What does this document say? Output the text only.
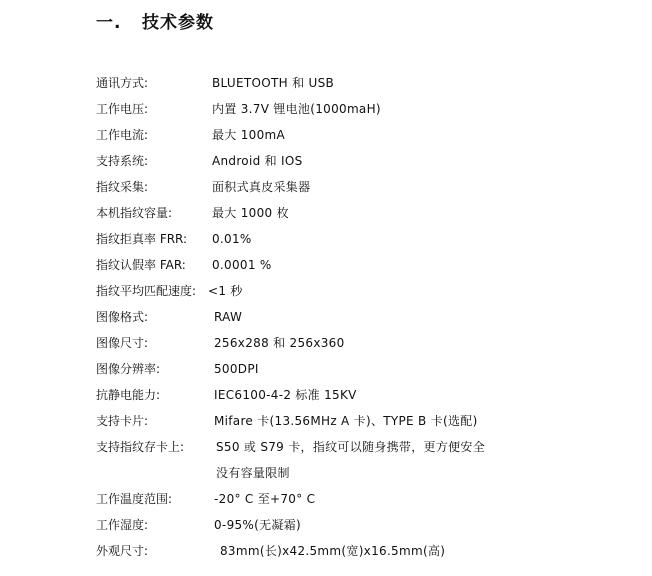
一. 技术参数
通讯方式:	BLUETOOTH 和 USB
工作电压:	内置 3.7V 锂电池(1000maH)
工作电流:	最大 100mA
支持系统:	Android 和 IOS
指纹采集:	面积式真皮采集器
本机指纹容量:	最大 1000 枚
指纹拒真率 FRR: 0.01%
指纹认假率 FAR: 0.0001 %
指纹平均匹配速度: <1 秒
图像格式:	RAW
图像尺寸:	256x288 和 256x360
图像分辨率:	500DPI
抗静电能力:	IEC6100-4-2 标准 15KV
支持卡片:	Mifare 卡(13.56MHz A 卡)、TYPE B 卡(选配)
支持指纹存卡上:	S50 或 S79 卡，指纹可以随身携带，更方便安全
没有容量限制
工作温度范围:	-20° C 至+70° C
工作湿度:	0-95%(无凝霜)
外观尺寸:	83mm(长)x42.5mm(宽)x16.5mm(高)
